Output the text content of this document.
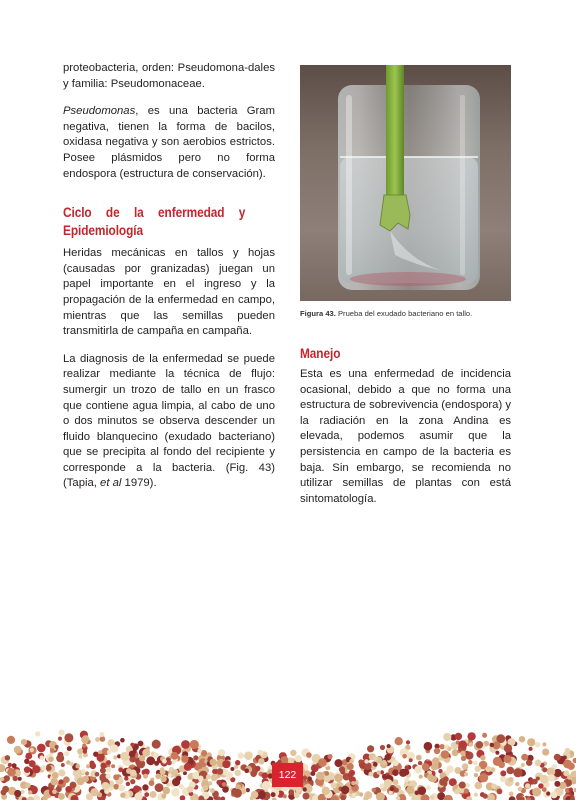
proteobacteria, orden: Pseudomona-dales y familia: Pseudomonaceae.

Pseudomonas, es una bacteria Gram negativa, tienen la forma de bacilos, oxidasa negativa y son aerobios estrictos. Posee plásmidos pero no forma endospora (estructura de conservación).

Ciclo de la enfermedad y Epidemiología

Heridas mecánicas en tallos y hojas (causadas por granizadas) juegan un papel importante en el ingreso y la propagación de la enfermedad en campo, mientras que las semillas pueden transmitirla de campaña en campaña.

La diagnosis de la enfermedad se puede realizar mediante la técnica de flujo: sumergir un trozo de tallo en un frasco que contiene agua limpia, al cabo de uno o dos minutos se observa descender un fluido blanquecino (exudado bacteriano) que se precipita al fondo del recipiente y corresponde a la bacteria. (Fig. 43) (Tapia, et al 1979).

Figura 43. Prueba del exudado bacteriano en tallo.
Manejo

Esta es una enfermedad de incidencia ocasional, debido a que no forma una estructura de sobrevivencia (endospora) y la radiación en la zona Andina es elevada, podemos asumir que la persistencia en campo de la bacteria es baja. Sin embargo, se recomienda no utilizar semillas de plantas con está sintomatología.

122
